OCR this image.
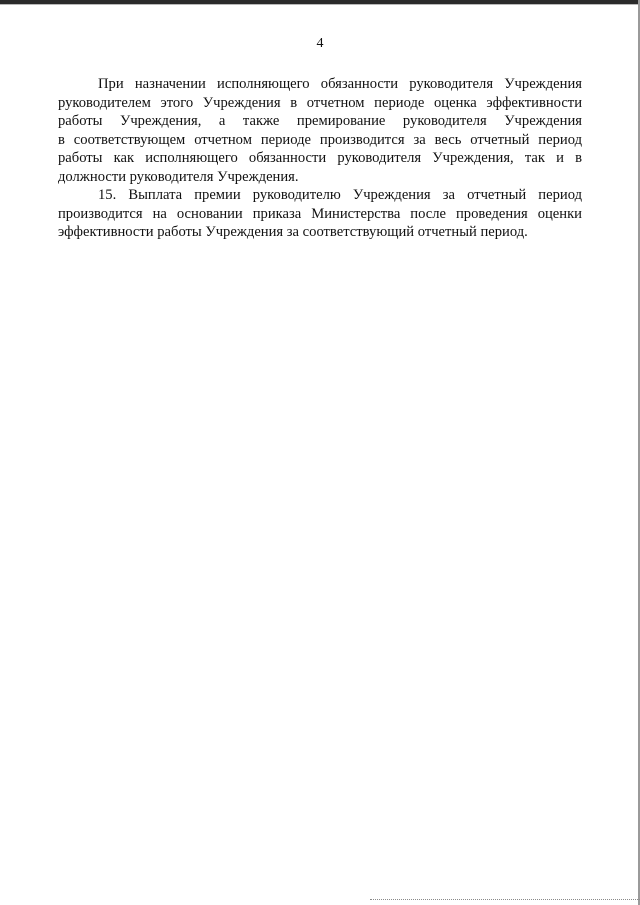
4
При назначении исполняющего обязанности руководителя Учреждения
руководителем этого Учреждения в отчетном периоде оценка эффективности
работы Учреждения, а также премирование руководителя Учреждения
в соответствующем отчетном периоде производится за весь отчетный период
работы как исполняющего обязанности руководителя Учреждения, так и в
должности руководителя Учреждения.
15. Выплата премии руководителю Учреждения за отчетный период
производится на основании приказа Министерства после проведения оценки
эффективности работы Учреждения за соответствующий отчетный период.
